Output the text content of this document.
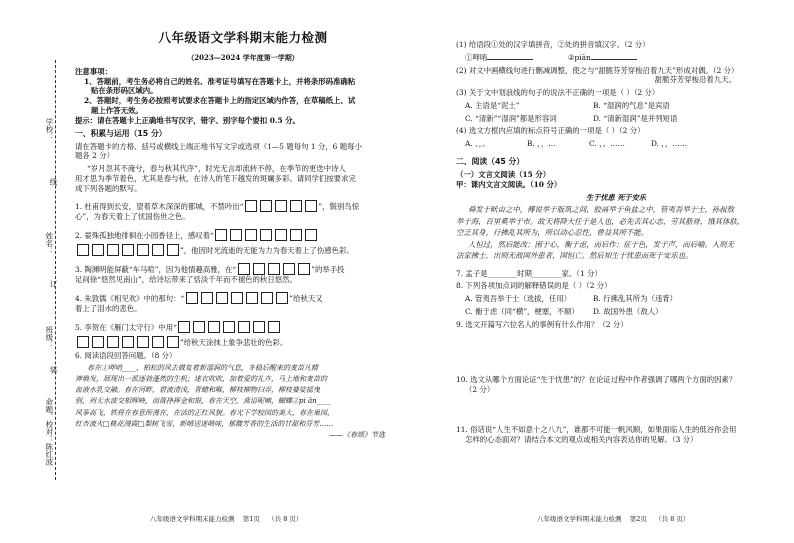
学校：
线
姓名：
订
班级：
装
命题、校对：陈红波
八年级语文学科期末能力检测
（2023—2024 学年度第一学期）
注意事项：
1、答题前，考生务必将自己的姓名、准考证号填写在答题卡上，并将条形码准确粘
贴在条形码区域内。
2、答题时，考生务必按照考试要求在答题卡上的指定区域内作答，在草稿纸上、试
题上作答无效。
提示：请在答题卡上正确地书写汉字，错字、别字每个要扣 0.5 分。
一、积累与运用（15 分）
请在答题卡的方格、括号或横线上端正地书写文字或选项（1—5 题每句 1 分，6 题每小
题各 2 分）
“岁月忽其不淹兮，春与秋其代序”，时光无言却流转不停，在季节的更迭中诗人
用才思为季节着色，尤其是春与秋，在诗人的笔下越发的斑斓多彩。请同学们按要求完
成下列各题的默写。
1. 杜甫得到长安，望着草木深深的都城，不禁吟出“	”，鬓别鸟惊
心”，为春天着上了忧国伤世之色。
2. 晏殊孤独地徘徊在小园香径上，感叹着“
”，他因时光流逝的无能为力为春天着上了伤感色彩。
3. 陶渊明能屏蔽“车马喧”，因为他情趣高雅，在“	”的举手投
足间徐“悠然见南山”，给诗坛带来了恬淡千年而不褪色的秋日悠然。
4. 朱敦儒《相见欢》中的那句：“	”给秋天又
着上了泪水的悲色。
5. 李贺在《雁门太守行》中用“
”给秋天涂抹上象争悲壮的色彩。
6. 阅读语段回答问题。（8 分）
春在①呷哨____，柏松的风去做复着新湿润的气息，冬稳后醒来的麦苗凡精
神焕发，展现出一派逐勃蓬然的生机；迷衣吹吹，加着爱的礼卉，马土地和麦苗的
血液水乳交融。春在河畔，碧流清浅，青蜡和喉，柳枝柳物扫弄，柳枝婆娑摇曳
别，列无水波交相辉映，而落挣挥金和银，春在天空，燕语呢喃，蝴蝶②pi ǎn____
风筝高飞，铁将在春意所漫在，在活的正红风貌。春光下学校园的美大，春在巢园，
红杏流火□桃花漫霞□梨树飞雪，新晴送迷喷味，郁馥芳香的生活的甘甜和芬芳……
——《春颂》节选
(1) 给语段①处的汉字填拼音，②处的拼音填汉字。（2 分）
①呷哨	②piān
(2) 对文中画横线句进行删减调整，使之与“甜脆芬芳穿梭沿着九天”形成对偶。（2 分）
甜脆芬芳穿梭沿着九天。
(3) 关于文中划浪线的句子的说法不正确的一项是（ ）（2 分）
A. 主语是“泥土”	B. “湿润的气息”是宾语
C. “清新”“湿润”都是形容词	D. “清新湿润”是并列短语
(4) 选文方框内应填的标点符号正确的一项是（ ）（2 分）
A. 、，。	B. ，，…	C. ，。……	D. ，，……
二、阅读（45 分）
（一）文言文阅读（15 分）
甲：课内文言文阅读。（10 分）
生于忧患 死于安乐
舜发于畎亩之中，傅说举于版筑之间，胶鬲举于鱼盐之中，管夷吾举于士，孙叔敖
举于海，百里奚举于市。故天将降大任于是人也，必先苦其心志，劳其筋骨，饿其体肤，
空乏其身，行拂乱其所为，所以动心忍性，曾益其所不能。
人恒过，然后能改；困于心，衡于虑，而后作；征于色，发于声，而后喻。入则无
法家拂士，出则无敌国外患者，国恒亡。然后知生于忧患而死于安乐也。
7. 孟子是________时期________家。（1 分）
8. 下列各项加点词的解释错误的是（ ）（2 分）
A. 管夷吾举于士（选拔，任用）	B. 行拂乱其所为（违背）
C. 衡于虑（同“横”，梗塞，不顺） D. 故国外患（敌人）
9. 选文开篇写六位名人的事例有什么作用？（2 分）
10. 选文从哪个方面论证“生于忧患”的？在论证过程中作者强调了哪两个方面的因素？
（2 分）
11. 俗话说“人生不如意十之八九”，谁都不可能一帆风顺，如果面临人生的低谷你会用
怎样的心态面对？请结合本文的观点或相关内容表达你的见解。（3 分）
八年级语文学科期末能力检测    第1页    （共 8 页）	八年级语文学科期末能力检测    第2页    （共 8 页）
